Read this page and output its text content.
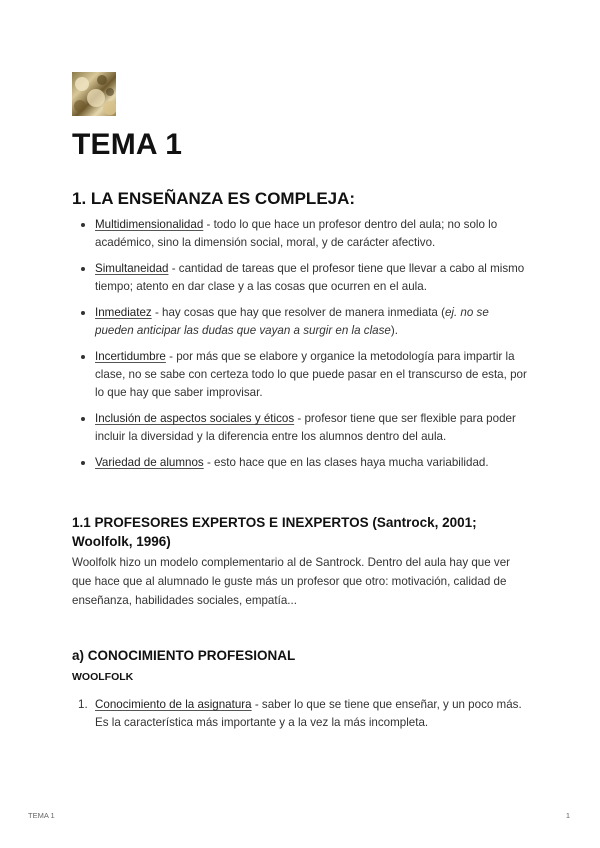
TEMA 1
1. LA ENSEÑANZA ES COMPLEJA:
Multidimensionalidad - todo lo que hace un profesor dentro del aula; no solo lo académico, sino la dimensión social, moral, y de carácter afectivo.
Simultaneidad - cantidad de tareas que el profesor tiene que llevar a cabo al mismo tiempo; atento en dar clase y a las cosas que ocurren en el aula.
Inmediatez - hay cosas que hay que resolver de manera inmediata (ej. no se pueden anticipar las dudas que vayan a surgir en la clase).
Incertidumbre - por más que se elabore y organice la metodología para impartir la clase, no se sabe con certeza todo lo que puede pasar en el transcurso de esta, por lo que hay que saber improvisar.
Inclusión de aspectos sociales y éticos - profesor tiene que ser flexible para poder incluir la diversidad y la diferencia entre los alumnos dentro del aula.
Variedad de alumnos - esto hace que en las clases haya mucha variabilidad.
1.1 PROFESORES EXPERTOS E INEXPERTOS (Santrock, 2001; Woolfolk, 1996)

Woolfolk hizo un modelo complementario al de Santrock. Dentro del aula hay que ver que hace que al alumnado le guste más un profesor que otro: motivación, calidad de enseñanza, habilidades sociales, empatía...

a) CONOCIMIENTO PROFESIONAL
WOOLFOLK
1. Conocimiento de la asignatura - saber lo que se tiene que enseñar, y un poco más. Es la característica más importante y a la vez la más incompleta.
TEMA 1	1
